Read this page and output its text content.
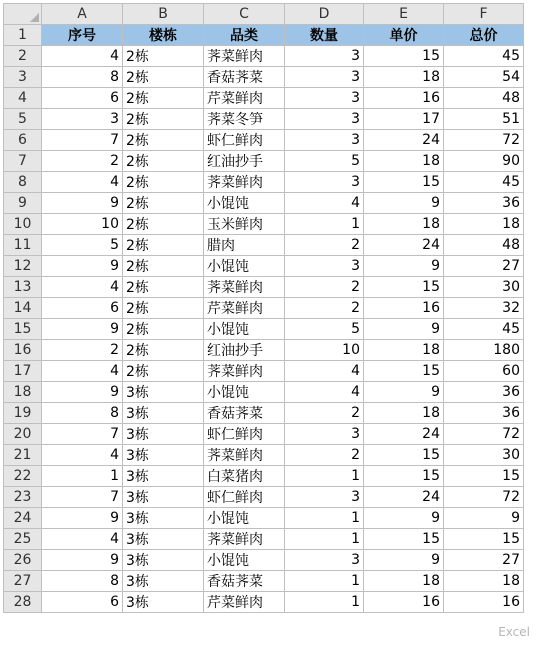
	A	B	C	D	E	F
1	序号	楼栋	品类	数量	单价	总价
2	4	2栋	荠菜鲜肉	3	15	45
3	8	2栋	香菇荠菜	3	18	54
4	6	2栋	芹菜鲜肉	3	16	48
5	3	2栋	荠菜冬笋	3	17	51
6	7	2栋	虾仁鲜肉	3	24	72
7	2	2栋	红油抄手	5	18	90
8	4	2栋	荠菜鲜肉	3	15	45
9	9	2栋	小馄饨	4	9	36
10	10	2栋	玉米鲜肉	1	18	18
11	5	2栋	腊肉	2	24	48
12	9	2栋	小馄饨	3	9	27
13	4	2栋	荠菜鲜肉	2	15	30
14	6	2栋	芹菜鲜肉	2	16	32
15	9	2栋	小馄饨	5	9	45
16	2	2栋	红油抄手	10	18	180
17	4	2栋	荠菜鲜肉	4	15	60
18	9	3栋	小馄饨	4	9	36
19	8	3栋	香菇荠菜	2	18	36
20	7	3栋	虾仁鲜肉	3	24	72
21	4	3栋	荠菜鲜肉	2	15	30
22	1	3栋	白菜猪肉	1	15	15
23	7	3栋	虾仁鲜肉	3	24	72
24	9	3栋	小馄饨	1	9	9
25	4	3栋	荠菜鲜肉	1	15	15
26	9	3栋	小馄饨	3	9	27
27	8	3栋	香菇荠菜	1	18	18
28	6	3栋	芹菜鲜肉	1	16	16
Excel
